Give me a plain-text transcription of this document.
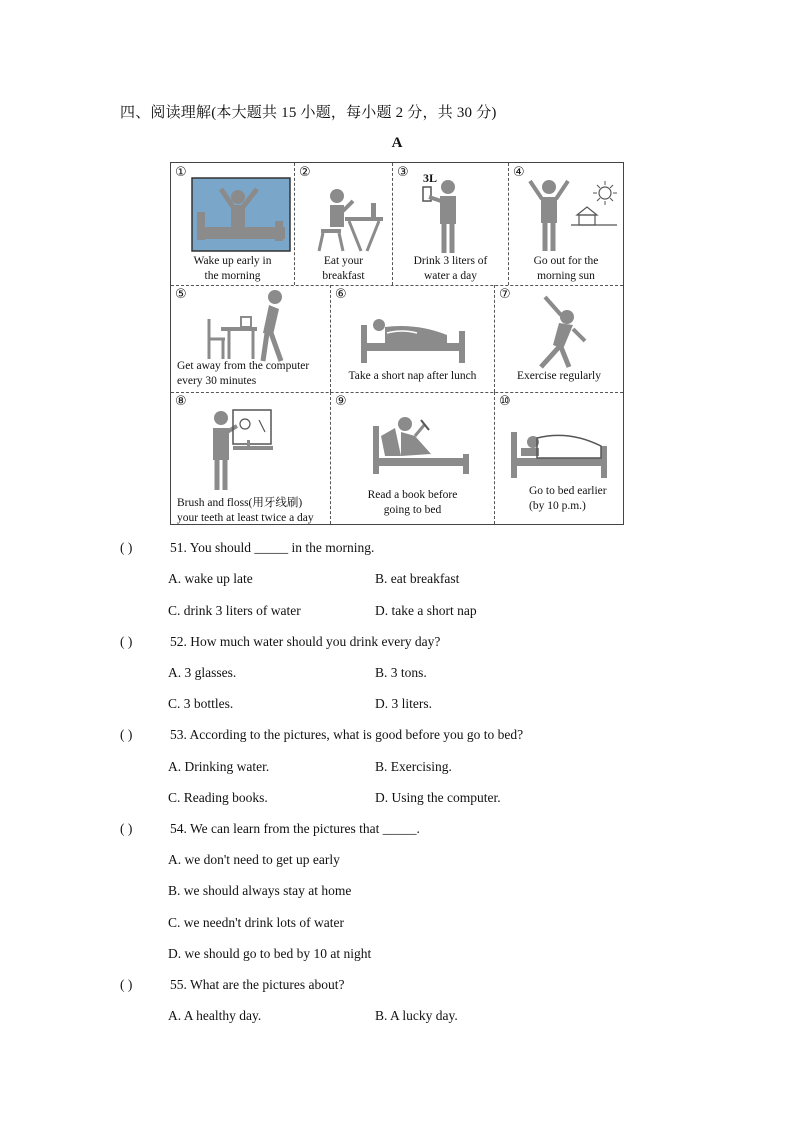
四、阅读理解(本大题共 15 小题，每小题 2 分，共 30 分)
A
①
Wake up early in
the morning
②
Eat your
breakfast
③ 3L
Drink 3 liters of
water a day
④
Go out for the
morning sun
⑤
Get away from the computer
every 30 minutes
⑥
Take a short nap after lunch
⑦
Exercise regularly
⑧
Brush and floss(用牙线刷)
your teeth at least twice a day
⑨
Read a book before
going to bed
⑩
Go to bed earlier
(by 10 p.m.)
( )	51. You should _____ in the morning.
A. wake up late	B. eat breakfast
C. drink 3 liters of water	D. take a short nap
( )	52. How much water should you drink every day?
A. 3 glasses.	B. 3 tons.
C. 3 bottles.	D. 3 liters.
( )	53. According to the pictures, what is good before you go to bed?
A. Drinking water.	B. Exercising.
C. Reading books.	D. Using the computer.
( )	54. We can learn from the pictures that _____.
A. we don't need to get up early
B. we should always stay at home
C. we needn't drink lots of water
D. we should go to bed by 10 at night
( )	55. What are the pictures about?
A. A healthy day.	B. A lucky day.
